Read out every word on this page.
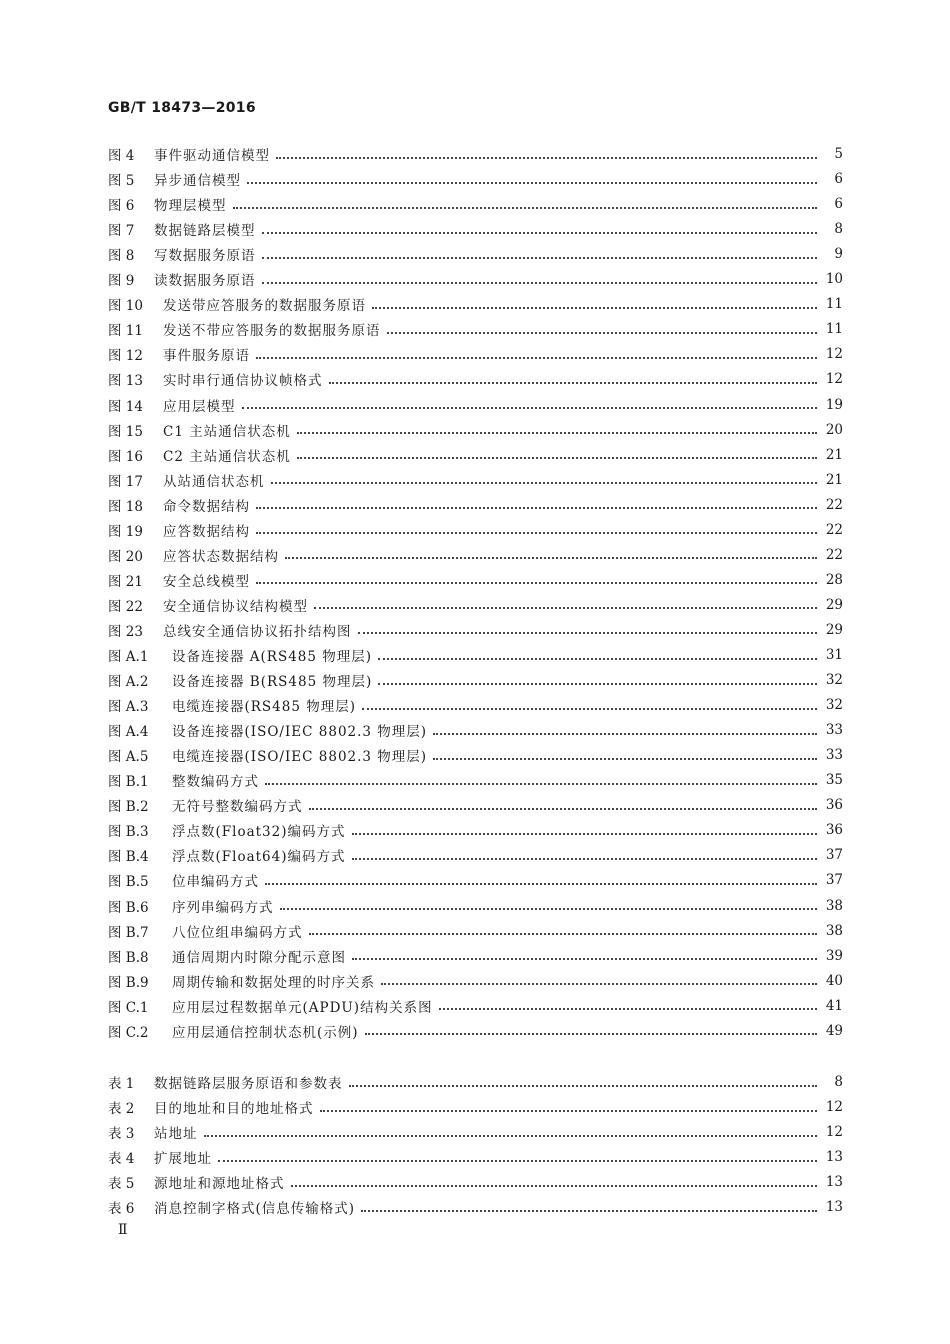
GB/T 18473—2016
图 4	事件驱动通信模型	5
图 5	异步通信模型	6
图 6	物理层模型	6
图 7	数据链路层模型	8
图 8	写数据服务原语	9
图 9	读数据服务原语	10
图 10	发送带应答服务的数据服务原语	11
图 11	发送不带应答服务的数据服务原语	11
图 12	事件服务原语	12
图 13	实时串行通信协议帧格式	12
图 14	应用层模型	19
图 15	C1 主站通信状态机	20
图 16	C2 主站通信状态机	21
图 17	从站通信状态机	21
图 18	命令数据结构	22
图 19	应答数据结构	22
图 20	应答状态数据结构	22
图 21	安全总线模型	28
图 22	安全通信协议结构模型	29
图 23	总线安全通信协议拓扑结构图	29
图 A.1	设备连接器 A(RS485 物理层)	31
图 A.2	设备连接器 B(RS485 物理层)	32
图 A.3	电缆连接器(RS485 物理层)	32
图 A.4	设备连接器(ISO/IEC 8802.3 物理层)	33
图 A.5	电缆连接器(ISO/IEC 8802.3 物理层)	33
图 B.1	整数编码方式	35
图 B.2	无符号整数编码方式	36
图 B.3	浮点数(Float32)编码方式	36
图 B.4	浮点数(Float64)编码方式	37
图 B.5	位串编码方式	37
图 B.6	序列串编码方式	38
图 B.7	八位位组串编码方式	38
图 B.8	通信周期内时隙分配示意图	39
图 B.9	周期传输和数据处理的时序关系	40
图 C.1	应用层过程数据单元(APDU)结构关系图	41
图 C.2	应用层通信控制状态机(示例)	49
表 1	数据链路层服务原语和参数表	8
表 2	目的地址和目的地址格式	12
表 3	站地址	12
表 4	扩展地址	13
表 5	源地址和源地址格式	13
表 6	消息控制字格式(信息传输格式)	13
Ⅱ
